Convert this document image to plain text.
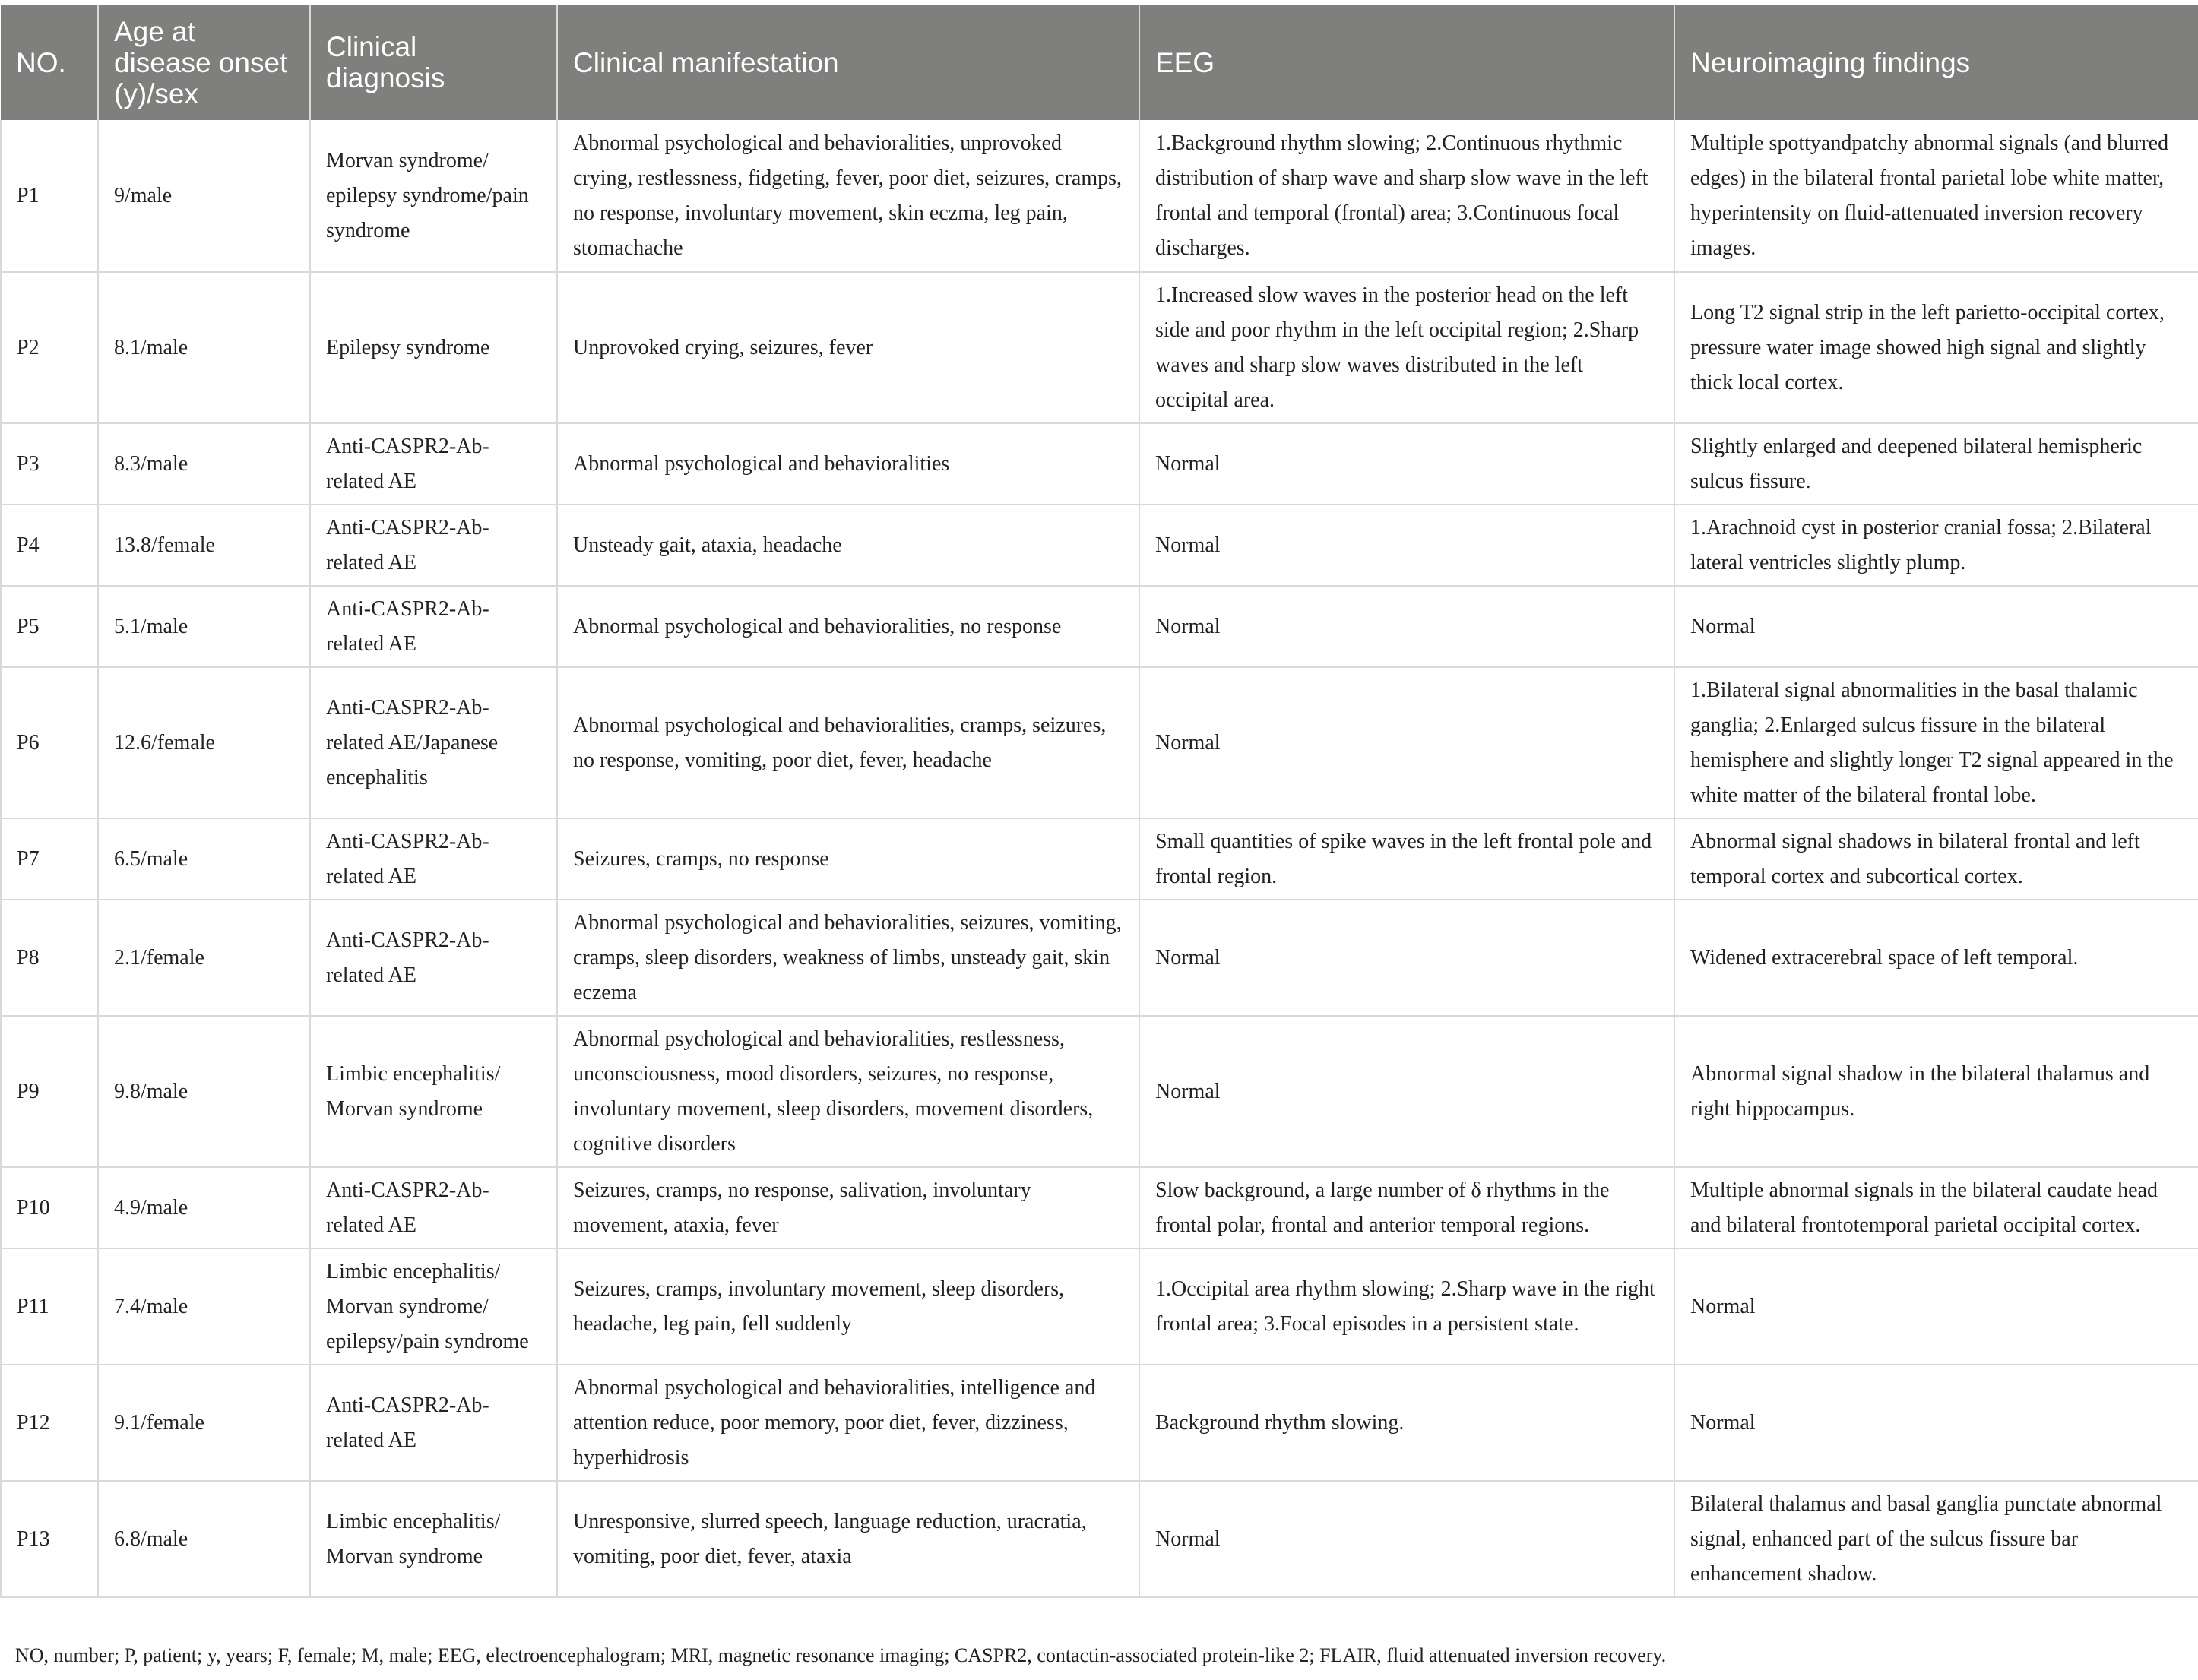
NO.	Age at disease onset (y)/sex	Clinical diagnosis	Clinical manifestation	EEG	Neuroimaging findings
P1	9/male	Morvan syndrome/ epilepsy syndrome/pain syndrome	Abnormal psychological and behavioralities, unprovoked crying, restlessness, fidgeting, fever, poor diet, seizures, cramps, no response, involuntary movement, skin eczma, leg pain, stomachache	1.Background rhythm slowing; 2.Continuous rhythmic distribution of sharp wave and sharp slow wave in the left frontal and temporal (frontal) area; 3.Continuous focal discharges.	Multiple spottyandpatchy abnormal signals (and blurred edges) in the bilateral frontal parietal lobe white matter, hyperintensity on fluid-attenuated inversion recovery images.
P2	8.1/male	Epilepsy syndrome	Unprovoked crying, seizures, fever	1.Increased slow waves in the posterior head on the left side and poor rhythm in the left occipital region; 2.Sharp waves and sharp slow waves distributed in the left occipital area.	Long T2 signal strip in the left parietto-occipital cortex, pressure water image showed high signal and slightly thick local cortex.
P3	8.3/male	Anti-CASPR2-Ab-related AE	Abnormal psychological and behavioralities	Normal	Slightly enlarged and deepened bilateral hemispheric sulcus fissure.
P4	13.8/female	Anti-CASPR2-Ab-related AE	Unsteady gait, ataxia, headache	Normal	1.Arachnoid cyst in posterior cranial fossa; 2.Bilateral lateral ventricles slightly plump.
P5	5.1/male	Anti-CASPR2-Ab-related AE	Abnormal psychological and behavioralities, no response	Normal	Normal
P6	12.6/female	Anti-CASPR2-Ab-related AE/Japanese encephalitis	Abnormal psychological and behavioralities, cramps, seizures, no response, vomiting, poor diet, fever, headache	Normal	1.Bilateral signal abnormalities in the basal thalamic ganglia; 2.Enlarged sulcus fissure in the bilateral hemisphere and slightly longer T2 signal appeared in the white matter of the bilateral frontal lobe.
P7	6.5/male	Anti-CASPR2-Ab-related AE	Seizures, cramps, no response	Small quantities of spike waves in the left frontal pole and frontal region.	Abnormal signal shadows in bilateral frontal and left temporal cortex and subcortical cortex.
P8	2.1/female	Anti-CASPR2-Ab-related AE	Abnormal psychological and behavioralities, seizures, vomiting, cramps, sleep disorders, weakness of limbs, unsteady gait, skin eczema	Normal	Widened extracerebral space of left temporal.
P9	9.8/male	Limbic encephalitis/ Morvan syndrome	Abnormal psychological and behavioralities, restlessness, unconsciousness, mood disorders, seizures, no response, involuntary movement, sleep disorders, movement disorders, cognitive disorders	Normal	Abnormal signal shadow in the bilateral thalamus and right hippocampus.
P10	4.9/male	Anti-CASPR2-Ab-related AE	Seizures, cramps, no response, salivation, involuntary movement, ataxia, fever	Slow background, a large number of δ rhythms in the frontal polar, frontal and anterior temporal regions.	Multiple abnormal signals in the bilateral caudate head and bilateral frontotemporal parietal occipital cortex.
P11	7.4/male	Limbic encephalitis/ Morvan syndrome/ epilepsy/pain syndrome	Seizures, cramps, involuntary movement, sleep disorders, headache, leg pain, fell suddenly	1.Occipital area rhythm slowing; 2.Sharp wave in the right frontal area; 3.Focal episodes in a persistent state.	Normal
P12	9.1/female	Anti-CASPR2-Ab-related AE	Abnormal psychological and behavioralities, intelligence and attention reduce, poor memory, poor diet, fever, dizziness, hyperhidrosis	Background rhythm slowing.	Normal
P13	6.8/male	Limbic encephalitis/ Morvan syndrome	Unresponsive, slurred speech, language reduction, uracratia, vomiting, poor diet, fever, ataxia	Normal	Bilateral thalamus and basal ganglia punctate abnormal signal, enhanced part of the sulcus fissure bar enhancement shadow.
NO, number; P, patient; y, years; F, female; M, male; EEG, electroencephalogram; MRI, magnetic resonance imaging; CASPR2, contactin-associated protein-like 2; FLAIR, fluid attenuated inversion recovery.
